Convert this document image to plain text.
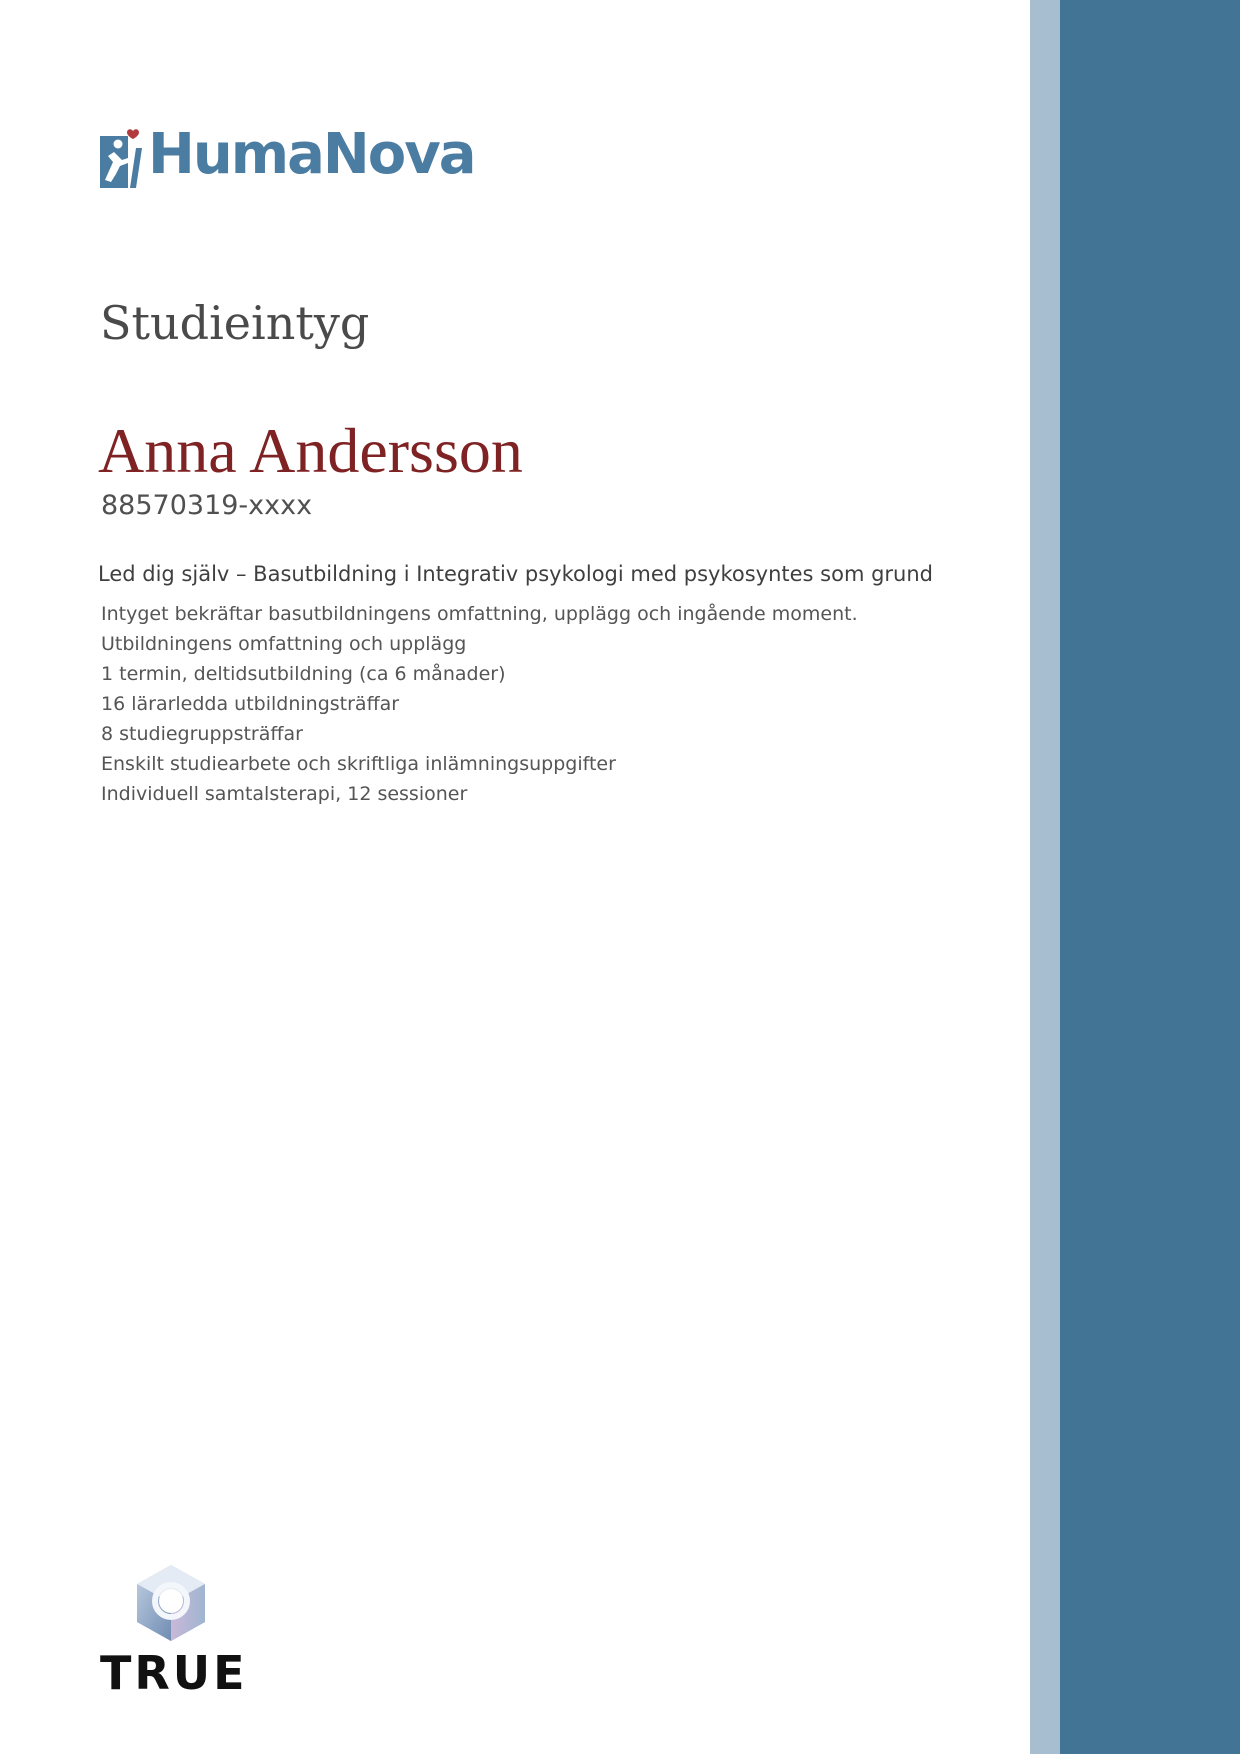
HumaNova
Studieintyg
Anna Andersson
88570319-xxxx
Led dig själv – Basutbildning i Integrativ psykologi med psykosyntes som grund
Intyget bekräftar basutbildningens omfattning, upplägg och ingående moment.
Utbildningens omfattning och upplägg
1 termin, deltidsutbildning (ca 6 månader)
16 lärarledda utbildningsträffar
8 studiegruppsträffar
Enskilt studiearbete och skriftliga inlämningsuppgifter
Individuell samtalsterapi, 12 sessioner
TRUE
